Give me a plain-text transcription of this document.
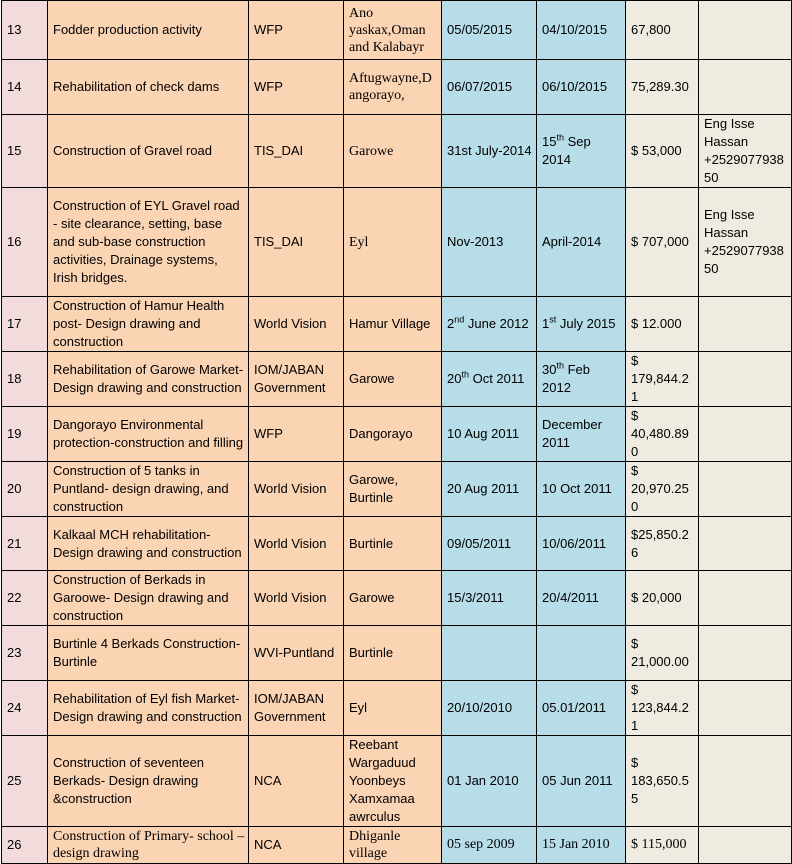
13	Fodder production activity	WFP	Ano yaskax,Oman and Kalabayr	05/05/2015	04/10/2015	67,800	
14	Rehabilitation of check dams	WFP	Aftugwayne,Dangorayo,	06/07/2015	06/10/2015	75,289.30	
15	Construction of Gravel road	TIS_DAI	Garowe	31st July-2014	15th Sep 2014	$ 53,000	Eng Isse Hassan +252907793850
16	Construction of EYL Gravel road - site clearance, setting, base and sub-base construction activities, Drainage systems, Irish bridges.	TIS_DAI	Eyl	Nov-2013	April-2014	$ 707,000	Eng Isse Hassan +252907793850
17	Construction of Hamur Health post- Design drawing and construction	World Vision	Hamur Village	2nd June 2012	1st July 2015	$ 12.000	
18	Rehabilitation of Garowe Market-Design drawing and construction	IOM/JABAN Government	Garowe	20th Oct 2011	30th Feb 2012	$ 179,844.21	
19	Dangorayo Environmental protection-construction and filling	WFP	Dangorayo	10 Aug 2011	December 2011	$ 40,480.890	
20	Construction of 5 tanks in Puntland- design drawing, and construction	World Vision	Garowe, Burtinle	20 Aug 2011	10 Oct 2011	$ 20,970.250	
21	Kalkaal MCH rehabilitation-Design drawing and construction	World Vision	Burtinle	09/05/2011	10/06/2011	$25,850.26	
22	Construction of Berkads in Garoowe- Design drawing and construction	World Vision	Garowe	15/3/2011	20/4/2011	$ 20,000	
23	Burtinle 4 Berkads Construction- Burtinle	WVI-Puntland	Burtinle			$ 21,000.00	
24	Rehabilitation of Eyl fish Market- Design drawing and construction	IOM/JABAN Government	Eyl	20/10/2010	05.01/2011	$ 123,844.21	
25	Construction of seventeen Berkads- Design drawing &construction	NCA	Reebant Wargaduud Yoonbeys Xamxamaa awrculus	01 Jan 2010	05 Jun 2011	$ 183,650.55	
26	Construction of Primary- school – design drawing	NCA	Dhiganle village	05 sep 2009	15 Jan 2010	$ 115,000	
